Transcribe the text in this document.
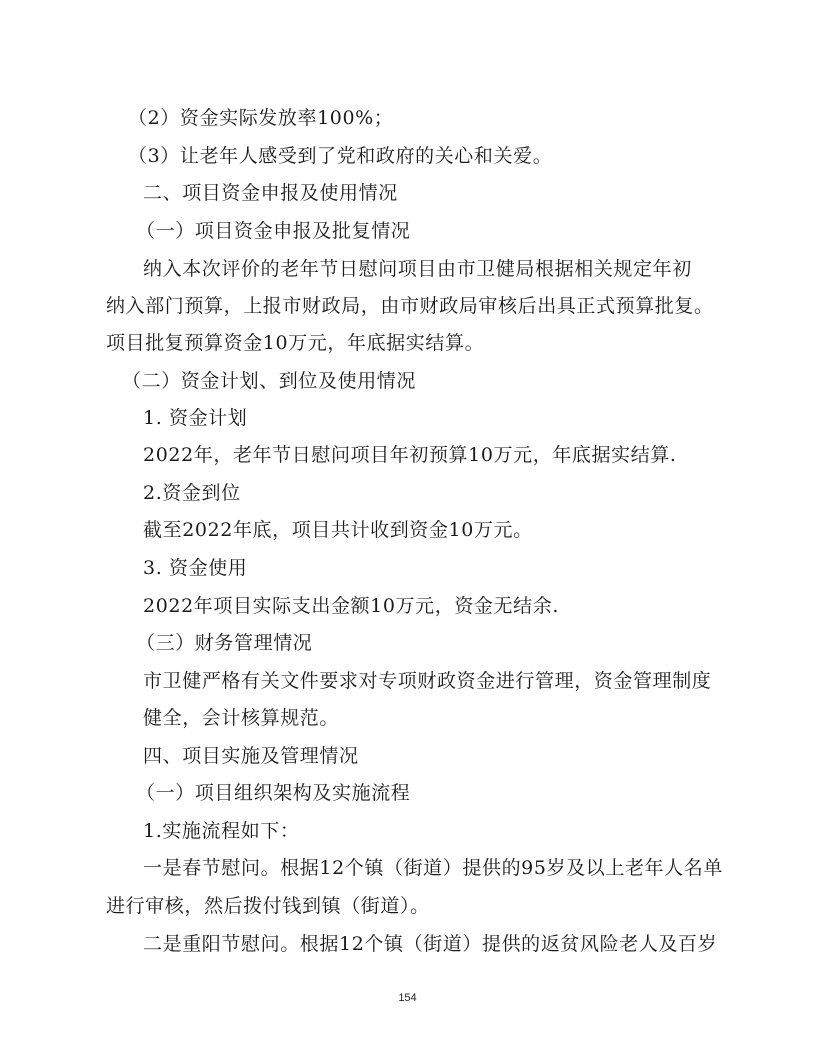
（2）资金实际发放率100%；
（3）让老年人感受到了党和政府的关心和关爱。
二、项目资金申报及使用情况
（一）项目资金申报及批复情况
纳入本次评价的老年节日慰问项目由市卫健局根据相关规定年初
纳入部门预算，上报市财政局，由市财政局审核后出具正式预算批复。
项目批复预算资金10万元，年底据实结算。
（二）资金计划、到位及使用情况
1. 资金计划
2022年，老年节日慰问项目年初预算10万元，年底据实结算.
2.资金到位
截至2022年底，项目共计收到资金10万元。
3. 资金使用
2022年项目实际支出金额10万元，资金无结余.
（三）财务管理情况
市卫健严格有关文件要求对专项财政资金进行管理，资金管理制度
健全，会计核算规范。
四、项目实施及管理情况
（一）项目组织架构及实施流程
1.实施流程如下：
一是春节慰问。根据12个镇（街道）提供的95岁及以上老年人名单
进行审核，然后拨付钱到镇（街道）。
二是重阳节慰问。根据12个镇（街道）提供的返贫风险老人及百岁
154
